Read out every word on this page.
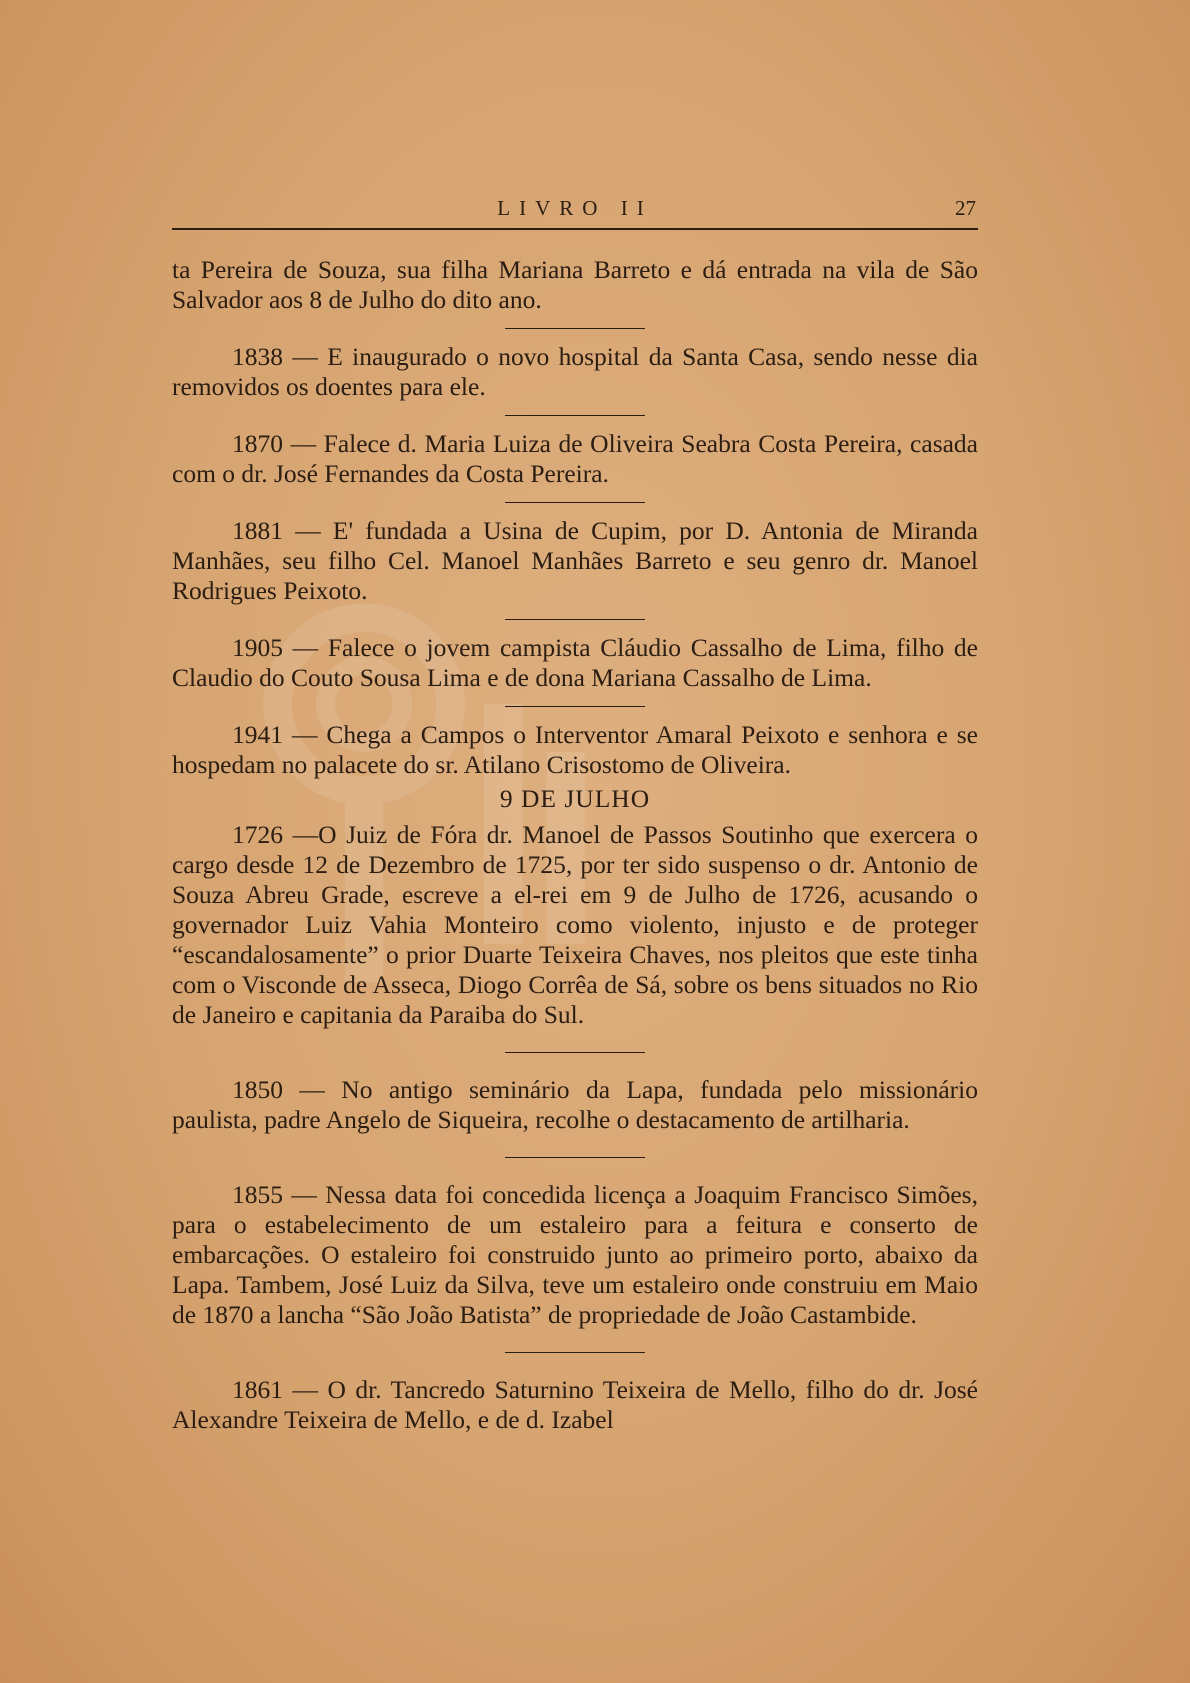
LIVRO II	27

ta Pereira de Souza, sua filha Mariana Barreto e dá entrada na vila de São Salvador aos 8 de Julho do dito ano.

1838 — E inaugurado o novo hospital da Santa Casa, sendo nesse dia removidos os doentes para ele.

1870 — Falece d. Maria Luiza de Oliveira Seabra Costa Pereira, casada com o dr. José Fernandes da Costa Pereira.

1881 — E' fundada a Usina de Cupim, por D. Antonia de Miranda Manhães, seu filho Cel. Manoel Manhães Barreto e seu genro dr. Manoel Rodrigues Peixoto.

1905 — Falece o jovem campista Cláudio Cassalho de Lima, filho de Claudio do Couto Sousa Lima e de dona Mariana Cassalho de Lima.

1941 — Chega a Campos o Interventor Amaral Peixoto e senhora e se hospedam no palacete do sr. Atilano Crisostomo de Oliveira.

9 DE JULHO

1726 —O Juiz de Fóra dr. Manoel de Passos Soutinho que exercera o cargo desde 12 de Dezembro de 1725, por ter sido suspenso o dr. Antonio de Souza Abreu Grade, escreve a el-rei em 9 de Julho de 1726, acusando o governador Luiz Vahia Monteiro como violento, injusto e de proteger “escandalosamente” o prior Duarte Teixeira Chaves, nos pleitos que este tinha com o Visconde de Asseca, Diogo Corrêa de Sá, sobre os bens situados no Rio de Janeiro e capitania da Paraiba do Sul.

1850 — No antigo seminário da Lapa, fundada pelo missionário paulista, padre Angelo de Siqueira, recolhe o destacamento de artilharia.

1855 — Nessa data foi concedida licença a Joaquim Francisco Simões, para o estabelecimento de um estaleiro para a feitura e conserto de embarcações. O estaleiro foi construido junto ao primeiro porto, abaixo da Lapa. Tambem, José Luiz da Silva, teve um estaleiro onde construiu em Maio de 1870 a lancha “São João Batista” de propriedade de João Castambide.

1861 — O dr. Tancredo Saturnino Teixeira de Mello, filho do dr. José Alexandre Teixeira de Mello, e de d. Izabel
